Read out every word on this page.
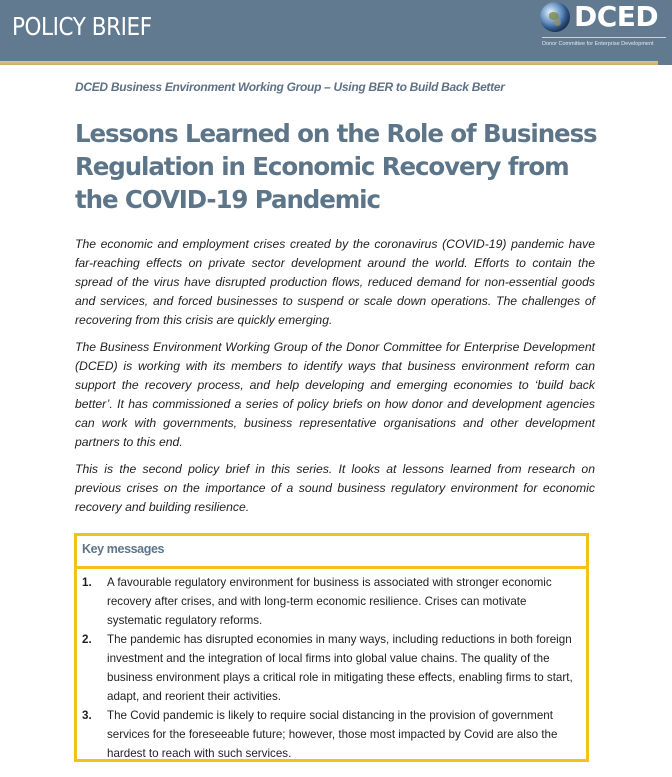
POLICY BRIEF	DCED
Donor Committee for Enterprise Development
DCED Business Environment Working Group – Using BER to Build Back Better
Lessons Learned on the Role of Business Regulation in Economic Recovery from the COVID-19 Pandemic

The economic and employment crises created by the coronavirus (COVID-19) pandemic have far-reaching effects on private sector development around the world. Efforts to contain the spread of the virus have disrupted production flows, reduced demand for non-essential goods and services, and forced businesses to suspend or scale down operations. The challenges of recovering from this crisis are quickly emerging.

The Business Environment Working Group of the Donor Committee for Enterprise Development (DCED) is working with its members to identify ways that business environment reform can support the recovery process, and help developing and emerging economies to ‘build back better’. It has commissioned a series of policy briefs on how donor and development agencies can work with governments, business representative organisations and other development partners to this end.

This is the second policy brief in this series. It looks at lessons learned from research on previous crises on the importance of a sound business regulatory environment for economic recovery and building resilience.

Key messages
1. A favourable regulatory environment for business is associated with stronger economic recovery after crises, and with long-term economic resilience. Crises can motivate systematic regulatory reforms.
2. The pandemic has disrupted economies in many ways, including reductions in both foreign investment and the integration of local firms into global value chains. The quality of the business environment plays a critical role in mitigating these effects, enabling firms to start, adapt, and reorient their activities.
3. The Covid pandemic is likely to require social distancing in the provision of government services for the foreseeable future; however, those most impacted by Covid are also the hardest to reach with such services.
